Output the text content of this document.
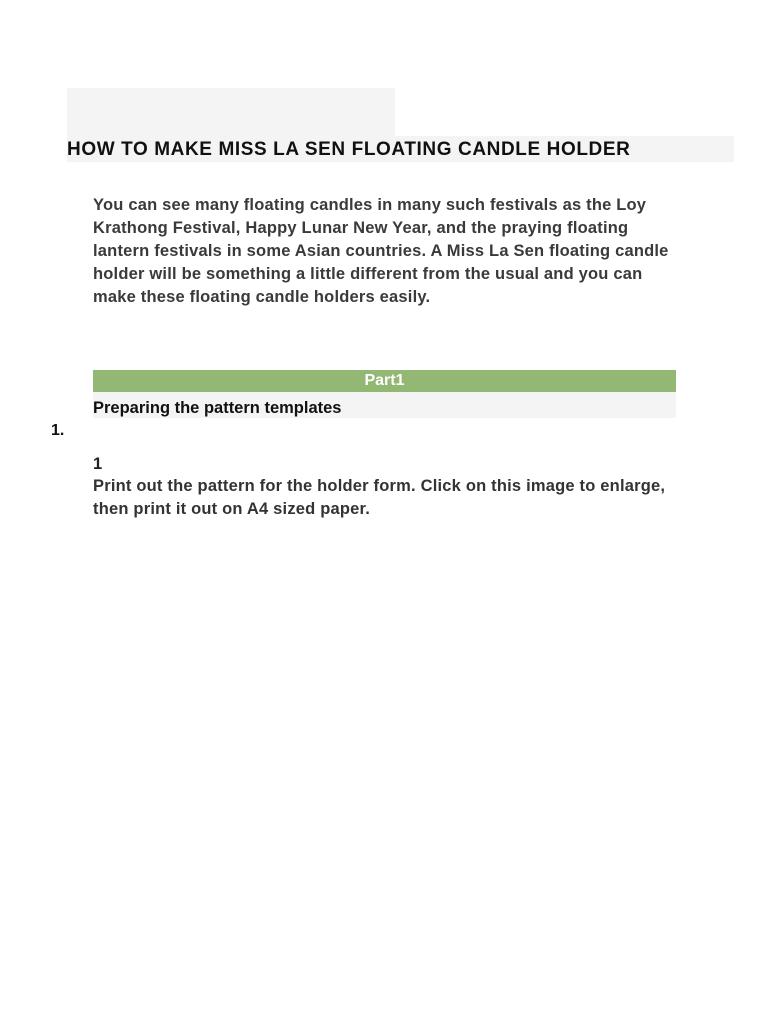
HOW TO MAKE MISS LA SEN FLOATING CANDLE HOLDER

You can see many floating candles in many such festivals as the Loy Krathong Festival, Happy Lunar New Year, and the praying floating lantern festivals in some Asian countries. A Miss La Sen floating candle holder will be something a little different from the usual and you can make these floating candle holders easily.

Part1
Preparing the pattern templates
1.
1

Print out the pattern for the holder form. Click on this image to enlarge, then print it out on A4 sized paper.
